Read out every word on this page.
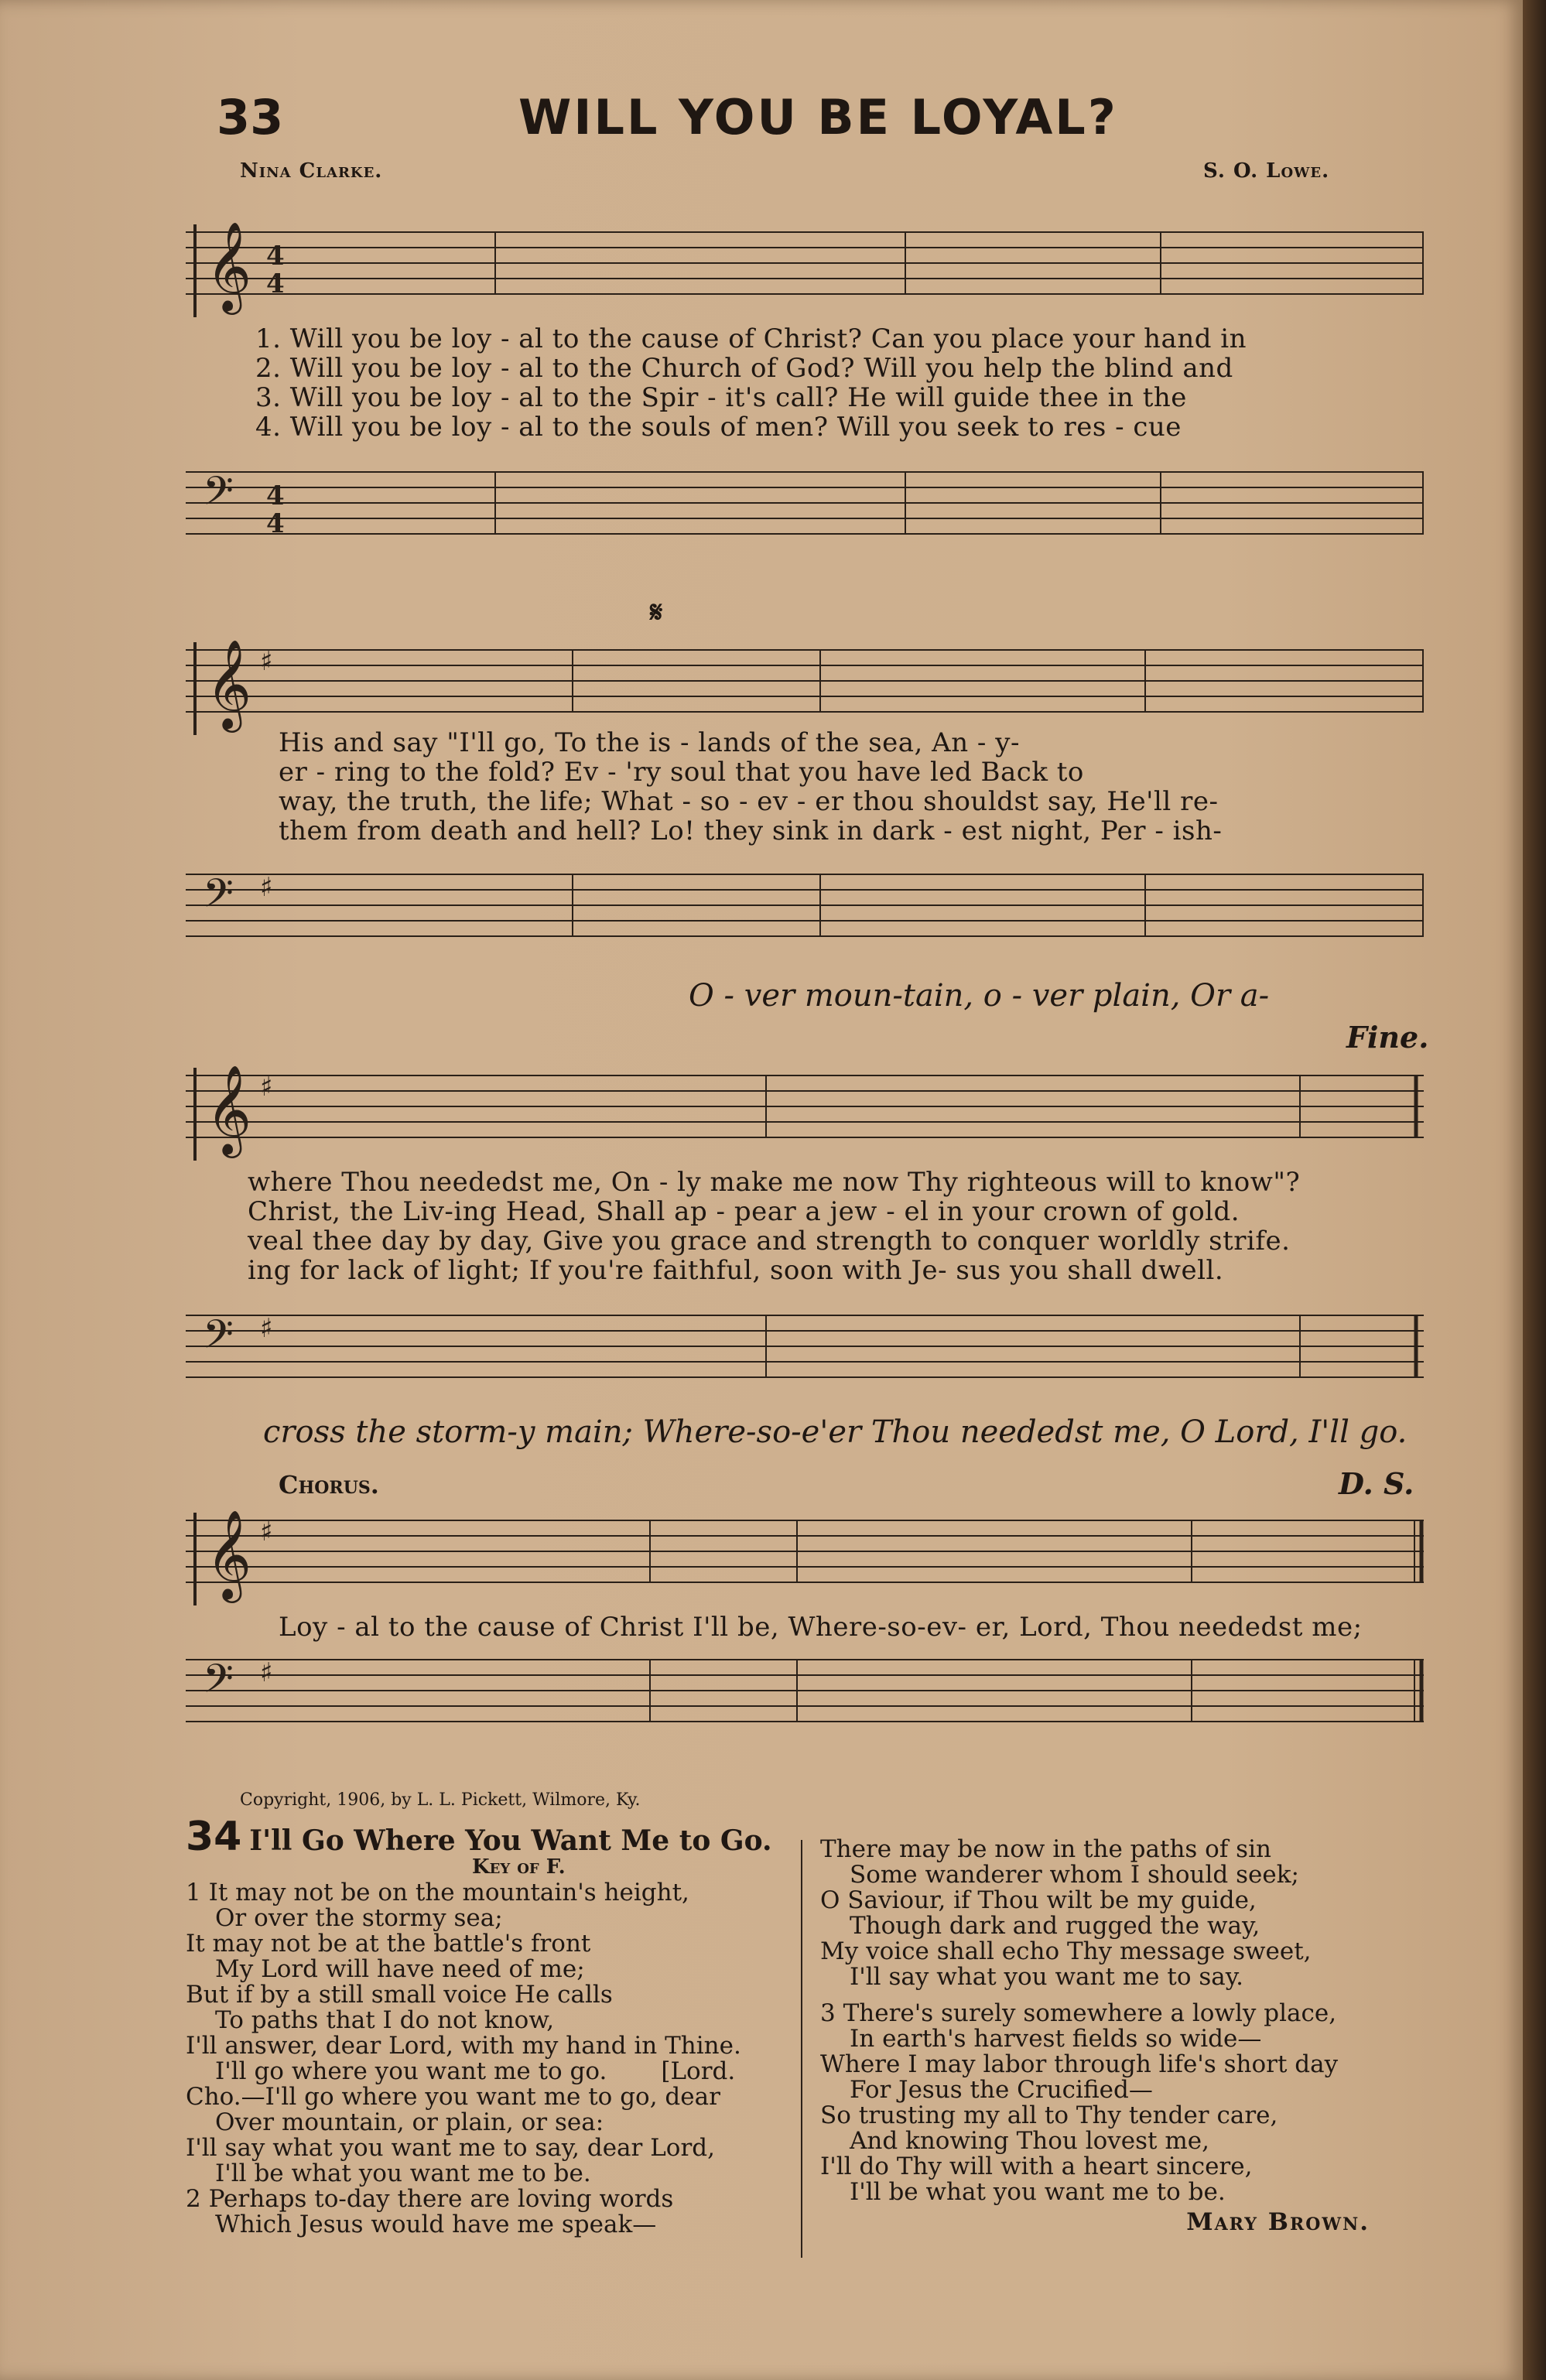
33	WILL YOU BE LOYAL?
Nina Clarke.	S. O. Lowe.
𝄞 4
4
1. Will you be loy - al to the cause of Christ? Can you place your hand in
2. Will you be loy - al to the Church of God? Will you help the blind and
3. Will you be loy - al to the Spir - it's call? He will guide thee in the
4. Will you be loy - al to the souls of men? Will you seek to res - cue
𝄢 4
4
𝄋
𝄞 ♯
His and say "I'll go, To the is - lands of the sea, An - y-
er - ring to the fold? Ev - 'ry soul that you have led Back to
way, the truth, the life; What - so - ev - er thou shouldst say, He'll re-
them from death and hell? Lo! they sink in dark - est night, Per - ish-
𝄢 ♯
O - ver moun-tain, o - ver plain, Or a-
Fine.
𝄞 ♯
where Thou neededst me, On - ly make me now Thy righteous will to know"?
Christ, the Liv-ing Head, Shall ap - pear a jew - el in your crown of gold.
veal thee day by day, Give you grace and strength to conquer worldly strife.
ing for lack of light; If you're faithful, soon with Je- sus you shall dwell.
𝄢 ♯
cross the storm-y main; Where-so-e'er Thou neededst me, O Lord, I'll go.
Chorus.	D. S.
𝄞 ♯
Loy - al to the cause of Christ I'll be, Where-so-ev- er, Lord, Thou neededst me;
𝄢 ♯
Copyright, 1906, by L. L. Pickett, Wilmore, Ky.

34 I'll Go Where You Want Me to Go.

Key of F.

1 It may not be on the mountain's height,

Or over the stormy sea;

It may not be at the battle's front

My Lord will have need of me;

But if by a still small voice He calls

To paths that I do not know,

I'll answer, dear Lord, with my hand in Thine.

I'll go where you want me to go. [Lord.

Cho.—I'll go where you want me to go, dear

Over mountain, or plain, or sea:

I'll say what you want me to say, dear Lord,

I'll be what you want me to be.

2 Perhaps to-day there are loving words

Which Jesus would have me speak—

There may be now in the paths of sin

Some wanderer whom I should seek;

O Saviour, if Thou wilt be my guide,

Though dark and rugged the way,

My voice shall echo Thy message sweet,

I'll say what you want me to say.

3 There's surely somewhere a lowly place,

In earth's harvest fields so wide—

Where I may labor through life's short day

For Jesus the Crucified—

So trusting my all to Thy tender care,

And knowing Thou lovest me,

I'll do Thy will with a heart sincere,

I'll be what you want me to be.

Mary Brown.
